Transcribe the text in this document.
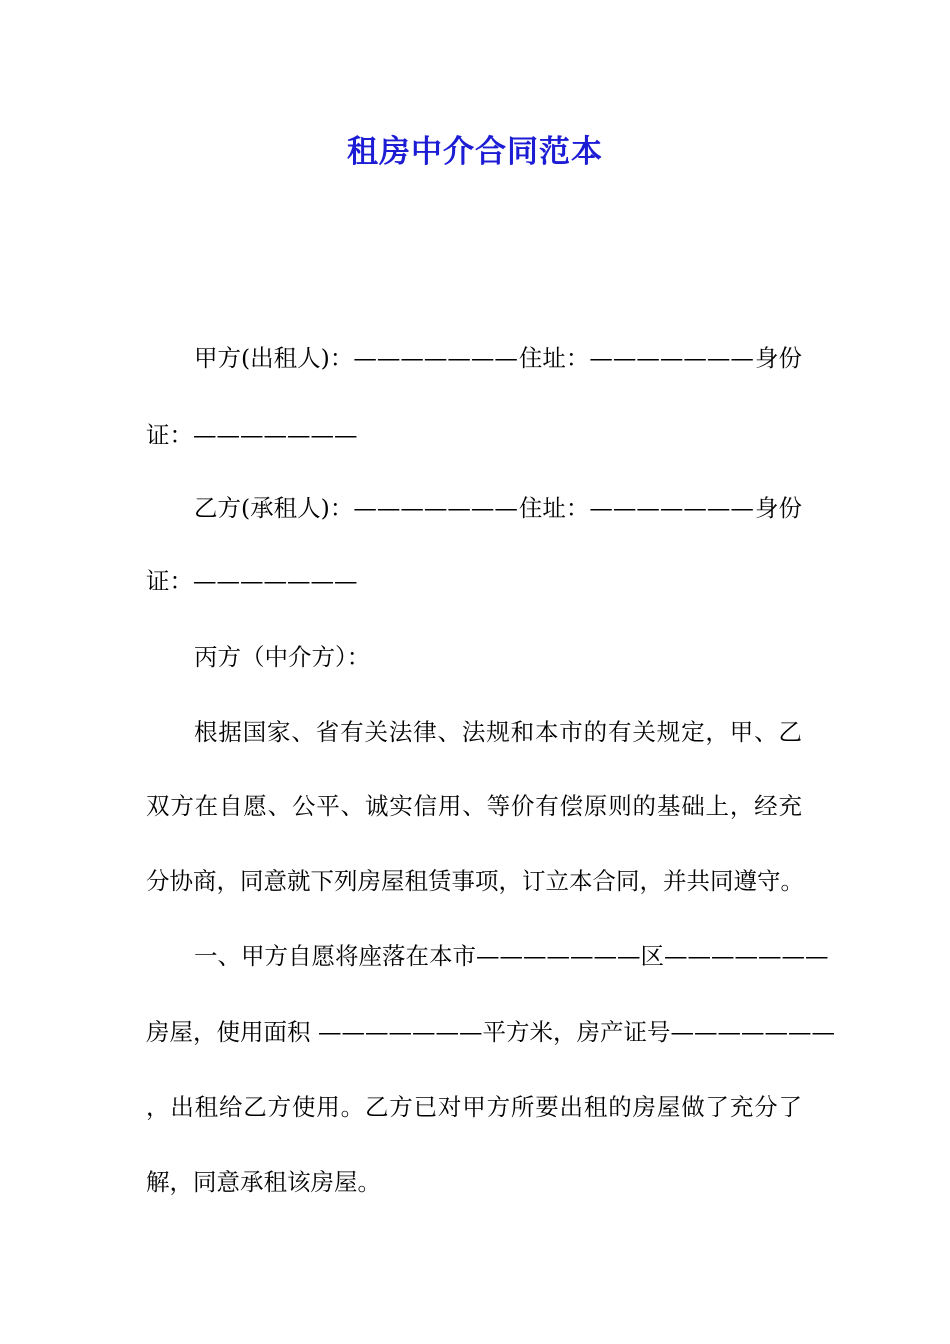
租房中介合同范本
甲方(出租人)：——————— 住址：——————— 身份
证：———————
乙方(承租人)：——————— 住址：——————— 身份
证：———————
丙方（中介方）：
根据国家、省有关法律、法规和本市的有关规定，甲、乙
双方在自愿、公平、诚实信用、等价有偿原则的基础上，经充
分协商，同意就下列房屋租赁事项，订立本合同，并共同遵守。
一、甲方自愿将座落在本市———————区———————
房屋，使用面积 ———————平方米，房产证号———————
，出租给乙方使用。乙方已对甲方所要出租的房屋做了充分了
解，同意承租该房屋。
